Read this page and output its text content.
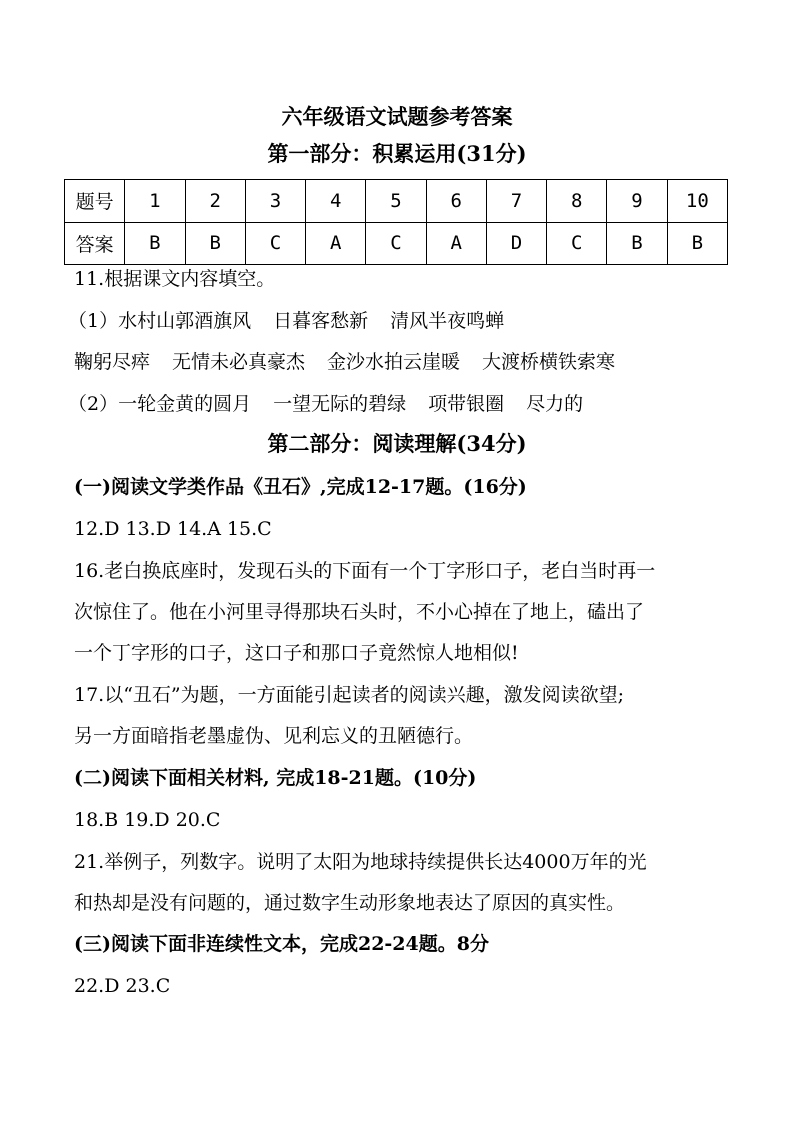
六年级语文试题参考答案
第一部分：积累运用(31分)
题号	1	2	3	4	5	6	7	8	9	10
答案	B	B	C	A	C	A	D	C	B	B
11.根据课文内容填空。
（1）水村山郭酒旗风 日暮客愁新 清风半夜鸣蝉
鞠躬尽瘁 无情未必真豪杰 金沙水拍云崖暖 大渡桥横铁索寒
（2）一轮金黄的圆月 一望无际的碧绿 项带银圈 尽力的
第二部分：阅读理解(34分)
(一)阅读文学类作品《丑石》,完成12-17题。(16分)
12.D 13.D 14.A 15.C
16.老白换底座时，发现石头的下面有一个丁字形口子，老白当时再一
次惊住了。他在小河里寻得那块石头时，不小心掉在了地上，磕出了
一个丁字形的口子，这口子和那口子竟然惊人地相似!
17.以“丑石”为题，一方面能引起读者的阅读兴趣，激发阅读欲望;
另一方面暗指老墨虚伪、见利忘义的丑陋德行。
(二)阅读下面相关材料, 完成18-21题。(10分)
18.B 19.D 20.C
21.举例子，列数字。说明了太阳为地球持续提供长达4000万年的光
和热却是没有问题的，通过数字生动形象地表达了原因的真实性。
(三)阅读下面非连续性文本，完成22-24题。8分
22.D 23.C
